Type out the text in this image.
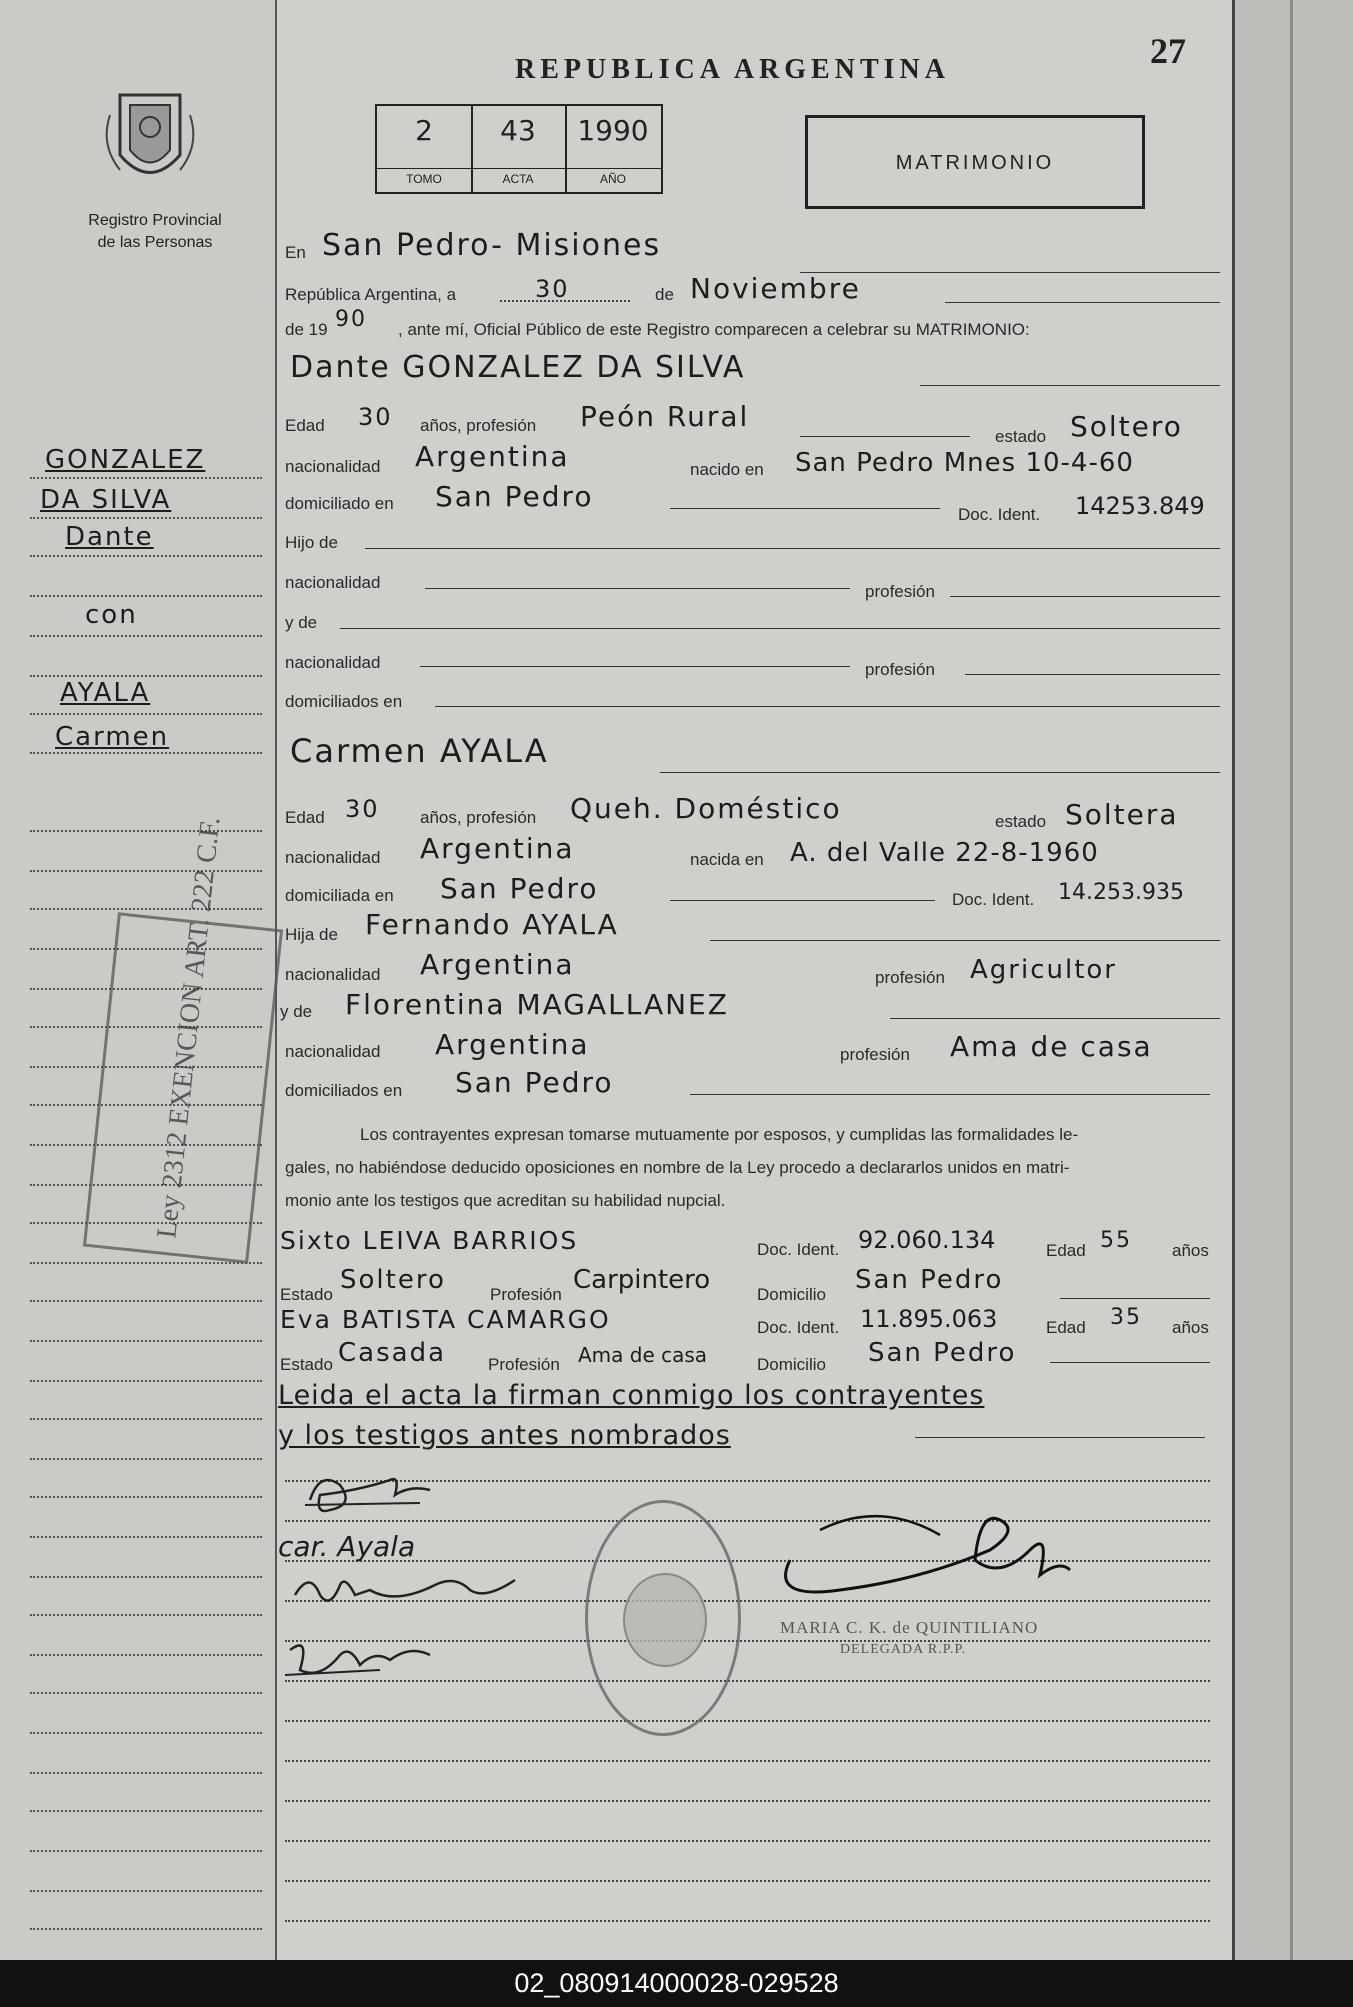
Registro Provincial
de las Personas
GONZALEZ
DA SILVA
Dante
con
AYALA
Carmen
Ley 2312 EXENCION ART. 222 C.F.
REPUBLICA ARGENTINA	27
2
TOMO
43
ACTA
1990
AÑO
MATRIMONIO
En San Pedro- Misiones
República Argentina, a	30	de Noviembre
de 19 90 , ante mí, Oficial Público de este Registro comparecen a celebrar su MATRIMONIO:
Dante GONZALEZ DA SILVA
Edad 30 años, profesión Peón Rural
estado Soltero
nacionalidad Argentina	nacido en San Pedro Mnes 10-4-60
domiciliado en San Pedro
Doc. Ident. 14253.849
Hijo de
nacionalidad	profesión
y de
nacionalidad	profesión
domiciliados en
Carmen AYALA
Edad 30 años, profesión Queh. Doméstico	estado Soltera
nacionalidad Argentina	nacida en A. del Valle 22-8-1960
domiciliada en San Pedro	Doc. Ident. 14.253.935
Hija de Fernando AYALA
nacionalidad Argentina	profesión Agricultor
y de Florentina MAGALLANEZ
nacionalidad Argentina	profesión Ama de casa
domiciliados en San Pedro
Los contrayentes expresan tomarse mutuamente por esposos, y cumplidas las formalidades le-
gales, no habiéndose deducido oposiciones en nombre de la Ley procedo a declararlos unidos en matri-
monio ante los testigos que acreditan su habilidad nupcial.
Sixto LEIVA BARRIOS	Doc. Ident. 92.060.134	Edad 55 años
Estado Soltero	Profesión Carpintero	Domicilio San Pedro
Eva BATISTA CAMARGO	Doc. Ident. 11.895.063	Edad 35 años
Estado Casada Profesión Ama de casa	Domicilio San Pedro
Leida el acta la firman conmigo los contrayentes
y los testigos antes nombrados
car. Ayala
MARIA C. K. de QUINTILIANO
DELEGADA R.P.P.
02_080914000028-029528
